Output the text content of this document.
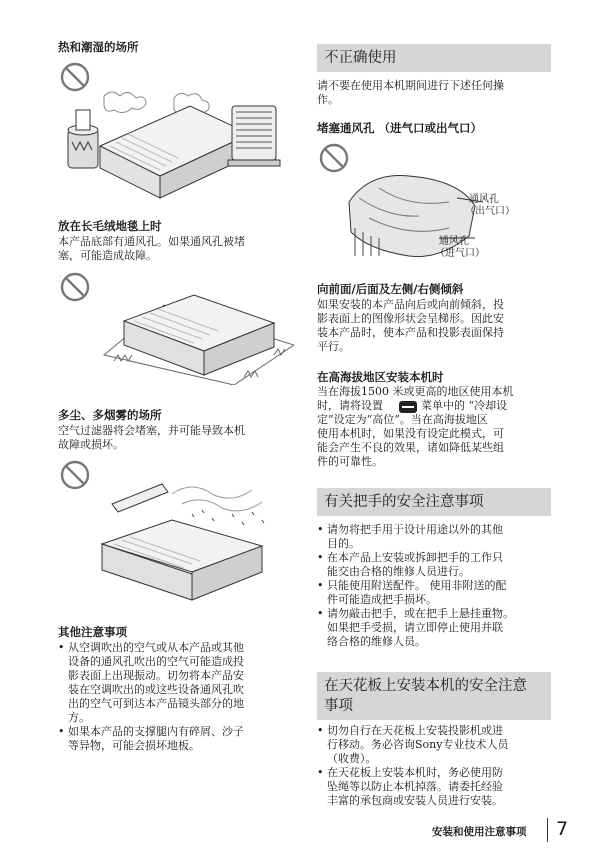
热和潮湿的场所
放在长毛绒地毯上时
本产品底部有通风孔。如果通风孔被堵
塞，可能造成故障。
多尘、多烟雾的场所
空气过滤器将会堵塞，并可能导致本机
故障或损坏。
其他注意事项
• 从空调吹出的空气或从本产品或其他
设备的通风孔吹出的空气可能造成投
影表面上出现振动。切勿将本产品安
装在空调吹出的或这些设备通风孔吹
出的空气可到达本产品镜头部分的地
方。
• 如果本产品的支撑腿内有碎屑、沙子
等异物，可能会损坏地板。
不正确使用
请不要在使用本机期间进行下述任何操
作。
堵塞通风孔 （进气口或出气口）
通风孔
（出气口）
通风孔
（进气口）
向前面/后面及左侧/右侧倾斜
如果安装的本产品向后或向前倾斜，投
影表面上的图像形状会呈梯形。因此安
装本产品时，使本产品和投影表面保持
平行。
在高海拔地区安装本机时
当在海拔1500 米或更高的地区使用本机
时，请将设置	菜单中的 “冷却设
定”设定为“高位”。当在高海拔地区
使用本机时，如果没有设定此模式，可
能会产生不良的效果，诸如降低某些组
件的可靠性。
有关把手的安全注意事项
• 请勿将把手用于设计用途以外的其他
目的。
• 在本产品上安装或拆卸把手的工作只
能交由合格的维修人员进行。
• 只能使用附送配件。 使用非附送的配
件可能造成把手损坏。
• 请勿敲击把手，或在把手上悬挂重物。
如果把手受损，请立即停止使用并联
络合格的维修人员。
在天花板上安装本机的安全注意
事项
• 切勿自行在天花板上安装投影机或进
行移动。务必咨询Sony专业技术人员
（收费）。
• 在天花板上安装本机时，务必使用防
坠绳等以防止本机掉落。请委托经验
丰富的承包商或安装人员进行安装。
安装和使用注意事项 7
